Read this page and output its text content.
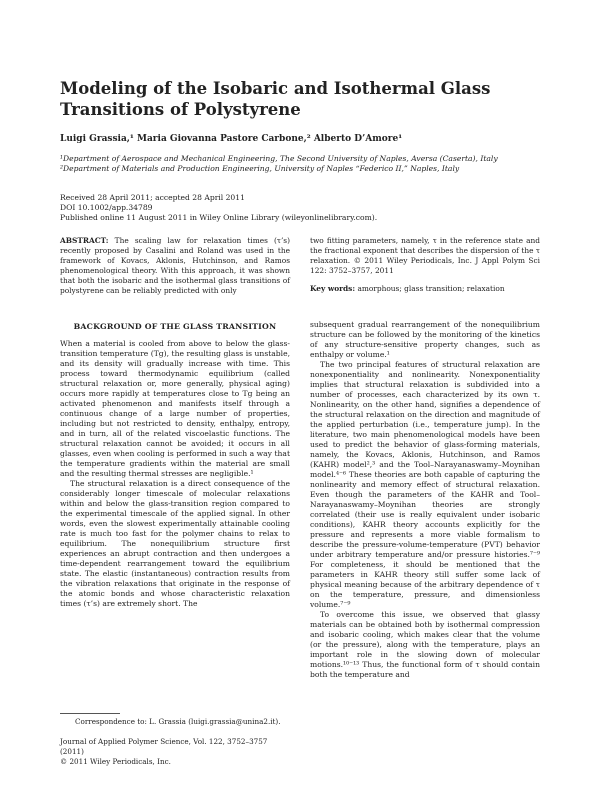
Modeling of the Isobaric and Isothermal Glass Transitions of Polystyrene
Luigi Grassia,¹ Maria Giovanna Pastore Carbone,² Alberto D’Amore¹
¹Department of Aerospace and Mechanical Engineering, The Second University of Naples, Aversa (Caserta), Italy
²Department of Materials and Production Engineering, University of Naples “Federico II,” Naples, Italy
Received 28 April 2011; accepted 28 April 2011
DOI 10.1002/app.34789
Published online 11 August 2011 in Wiley Online Library (wileyonlinelibrary.com).
ABSTRACT: The scaling law for relaxation times (τ’s) recently proposed by Casalini and Roland was used in the framework of Kovacs, Aklonis, Hutchinson, and Ramos phenomenological theory. With this approach, it was shown that both the isobaric and the isothermal glass transitions of polystyrene can be reliably predicted with only
two fitting parameters, namely, τ in the reference state and the fractional exponent that describes the dispersion of the τ relaxation. © 2011 Wiley Periodicals, Inc. J Appl Polym Sci 122: 3752–3757, 2011
Key words: amorphous; glass transition; relaxation
BACKGROUND OF THE GLASS TRANSITION

When a material is cooled from above to below the glass-transition temperature (Tg), the resulting glass is unstable, and its density will gradually increase with time. This process toward thermodynamic equilibrium (called structural relaxation or, more generally, physical aging) occurs more rapidly at temperatures close to Tg being an activated phenomenon and manifests itself through a continuous change of a large number of properties, including but not restricted to density, enthalpy, entropy, and in turn, all of the related viscoelastic functions. The structural relaxation cannot be avoided; it occurs in all glasses, even when cooling is performed in such a way that the temperature gradients within the material are small and the resulting thermal stresses are negligible.¹

The structural relaxation is a direct consequence of the considerably longer timescale of molecular relaxations within and below the glass-transition region compared to the experimental timescale of the applied signal. In other words, even the slowest experimentally attainable cooling rate is much too fast for the polymer chains to relax to equilibrium. The nonequilibrium structure first experiences an abrupt contraction and then undergoes a time-dependent rearrangement toward the equilibrium state. The elastic (instantaneous) contraction results from the vibration relaxations that originate in the response of the atomic bonds and whose characteristic relaxation times (τ’s) are extremely short. The

subsequent gradual rearrangement of the nonequilibrium structure can be followed by the monitoring of the kinetics of any structure-sensitive property changes, such as enthalpy or volume.¹

The two principal features of structural relaxation are nonexponentiality and nonlinearity. Nonexponentiality implies that structural relaxation is subdivided into a number of processes, each characterized by its own τ. Nonlinearity, on the other hand, signifies a dependence of the structural relaxation on the direction and magnitude of the applied perturbation (i.e., temperature jump). In the literature, two main phenomenological models have been used to predict the behavior of glass-forming materials, namely, the Kovacs, Aklonis, Hutchinson, and Ramos (KAHR) model²,³ and the Tool–Narayanaswamy–Moynihan model.⁴⁻⁶ These theories are both capable of capturing the nonlinearity and memory effect of structural relaxation. Even though the parameters of the KAHR and Tool–Narayanaswamy–Moynihan theories are strongly correlated (their use is really equivalent under isobaric conditions), KAHR theory accounts explicitly for the pressure and represents a more viable formalism to describe the pressure-volume-temperature (PVT) behavior under arbitrary temperature and/or pressure histories.⁷⁻⁹ For completeness, it should be mentioned that the parameters in KAHR theory still suffer some lack of physical meaning because of the arbitrary dependence of τ on the temperature, pressure, and dimensionless volume.⁷⁻⁹

To overcome this issue, we observed that glassy materials can be obtained both by isothermal compression and isobaric cooling, which makes clear that the volume (or the pressure), along with the temperature, plays an important role in the slowing down of molecular motions.¹⁰⁻¹³ Thus, the functional form of τ should contain both the temperature and

Correspondence to: L. Grassia (luigi.grassia@unina2.it).
Journal of Applied Polymer Science, Vol. 122, 3752–3757 (2011)
© 2011 Wiley Periodicals, Inc.
